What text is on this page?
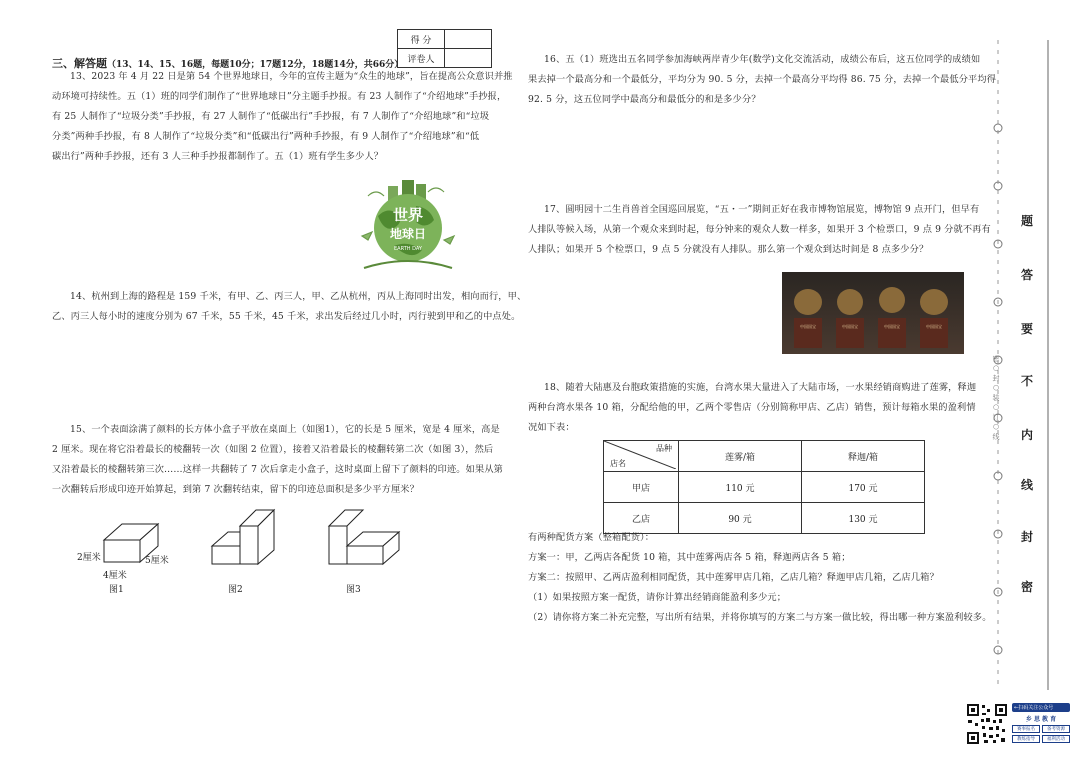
得 分	
评卷人	
三、解答题（13、14、15、16题，每题10分；17题12分，18题14分，共66分）
13、2023 年 4 月 22 日是第 54 个世界地球日，今年的宣传主题为“众生的地球”，旨在提高公众意识并推
动环境可持续性。五（1）班的同学们制作了“世界地球日”分主题手抄报。有 23 人制作了“介绍地球”手抄报，
有 25 人制作了“垃圾分类”手抄报，有 27 人制作了“低碳出行”手抄报，有 7 人制作了“介绍地球”和“垃圾
分类”两种手抄报，有 8 人制作了“垃圾分类”和“低碳出行”两种手抄报，有 9 人制作了“介绍地球”和“低
碳出行”两种手抄报，还有 3 人三种手抄报都制作了。五（1）班有学生多少人？
世界
地球日
EARTH DAY
14、杭州到上海的路程是 159 千米，有甲、乙、丙三人，甲、乙从杭州，丙从上海同时出发，相向而行，甲、
乙、丙三人每小时的速度分别为 67 千米，55 千米，45 千米，求出发后经过几小时，丙行驶到甲和乙的中点处。
15、一个表面涂满了颜料的长方体小盒子平放在桌面上（如图1），它的长是 5 厘米，宽是 4 厘米，高是
2 厘米。现在将它沿着最长的棱翻转一次（如图 2 位置），接着又沿着最长的棱翻转第二次（如图 3），然后
又沿着最长的棱翻转第三次……这样一共翻转了 7 次后拿走小盒子，这时桌面上留下了颜料的印迹。如果从第
一次翻转后形成印迹开始算起，到第 7 次翻转结束，留下的印迹总面积是多少平方厘米？
2厘米	5厘米
4厘米
图1	图2	图3
16、五（1）班选出五名同学参加海峡两岸青少年(数学)文化交流活动，成绩公布后，这五位同学的成绩如
果去掉一个最高分和一个最低分，平均分为 90. 5 分，去掉一个最高分平均得 86. 75 分，去掉一个最低分平均得
92. 5 分，这五位同学中最高分和最低分的和是多少分？
17、圆明园十二生肖兽首全国巡回展览，“五・一”期间正好在我市博物馆展览，博物馆 9 点开门，但早有
人排队等候入场，从第一个观众来到时起，每分钟来的观众人数一样多，如果开 3 个检票口，9 点 9 分就不再有
人排队；如果开 5 个检票口，9 点 5 分就没有人排队。那么第一个观众到达时间是 8 点多少分？
中国国宝	中国国宝	中国国宝	中国国宝
18、随着大陆惠及台胞政策措施的实施，台湾水果大量进入了大陆市场，一水果经销商购进了莲雾，释迦
两种台湾水果各 10 箱，分配给他的甲，乙两个零售店（分别简称甲店、乙店）销售，预计每箱水果的盈利情
况如下表：
品种
店名	莲雾/箱	释迦/箱
甲店	110 元	170 元
乙店	90 元	130 元
有两种配货方案（整箱配货）：
方案一：甲，乙两店各配货 10 箱，其中莲雾两店各 5 箱，释迦两店各 5 箱；
方案二：按照甲、乙两店盈利相同配货，其中莲雾甲店几箱，乙店几箱？释迦甲店几箱，乙店几箱？
（1）如果按照方案一配货，请你计算出经销商能盈利多少元；
（2）请你将方案二补充完整，写出所有结果，并将你填写的方案二与方案一做比较，得出哪一种方案盈利较多。
密 ○ 封 ○ 装 ○ 订 ○ 线
题
答
要
不
内
线
封
密
←扫码关注公众号
乡 思 教 育
赛事报名	备考资源
教练指导	福利活动
